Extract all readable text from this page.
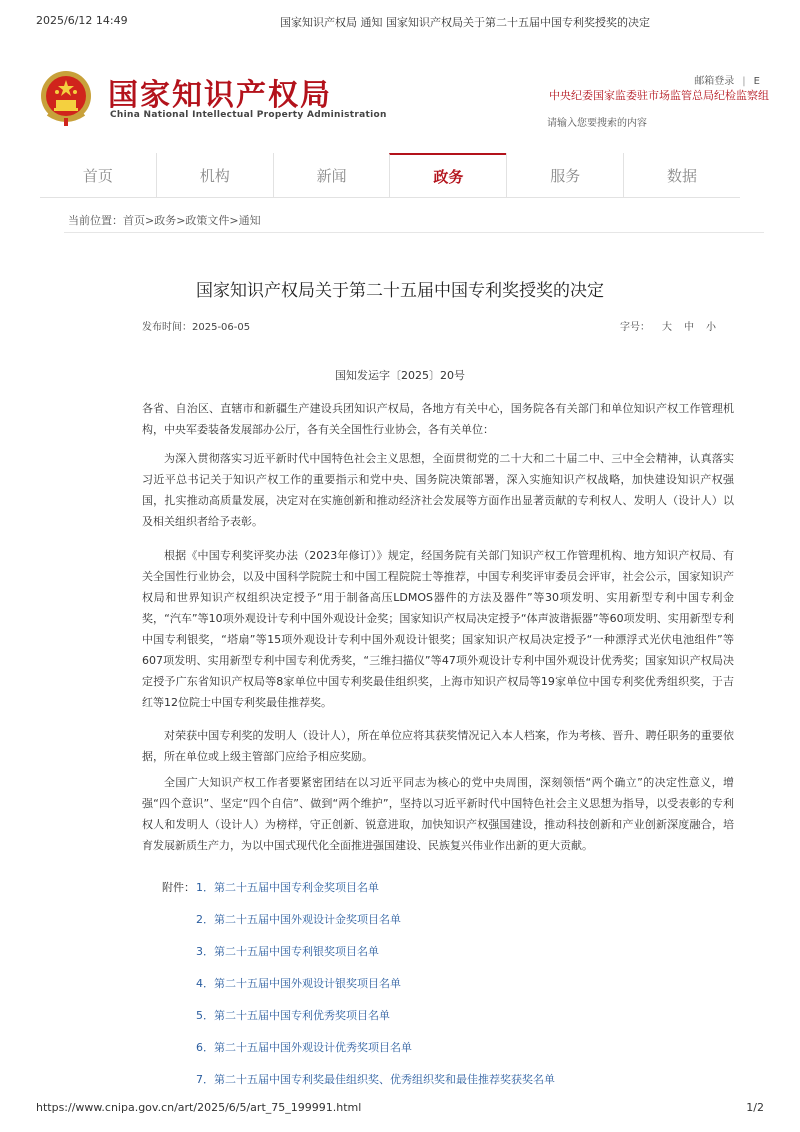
2025/6/12 14:49	国家知识产权局 通知 国家知识产权局关于第二十五届中国专利奖授奖的决定
国家知识产权局
China National Intellectual Property Administration
邮箱登录 | E
中央纪委国家监委驻市场监管总局纪检监察组
请输入您要搜索的内容
首页	机构	新闻	政务	服务	数据
当前位置：首页>政务>政策文件>通知
国家知识产权局关于第二十五届中国专利奖授奖的决定
发布时间：2025-06-05	字号： 大 中 小
国知发运字〔2025〕20号

各省、自治区、直辖市和新疆生产建设兵团知识产权局，各地方有关中心，国务院各有关部门和单位知识产权工作管理机构，中央军委装备发展部办公厅，各有关全国性行业协会，各有关单位：

为深入贯彻落实习近平新时代中国特色社会主义思想，全面贯彻党的二十大和二十届二中、三中全会精神，认真落实习近平总书记关于知识产权工作的重要指示和党中央、国务院决策部署，深入实施知识产权战略，加快建设知识产权强国，扎实推动高质量发展，决定对在实施创新和推动经济社会发展等方面作出显著贡献的专利权人、发明人（设计人）以及相关组织者给予表彰。

根据《中国专利奖评奖办法（2023年修订）》规定，经国务院有关部门知识产权工作管理机构、地方知识产权局、有关全国性行业协会，以及中国科学院院士和中国工程院院士等推荐，中国专利奖评审委员会评审，社会公示，国家知识产权局和世界知识产权组织决定授予“用于制备高压LDMOS器件的方法及器件”等30项发明、实用新型专利中国专利金奖，“汽车”等10项外观设计专利中国外观设计金奖；国家知识产权局决定授予“体声波谐振器”等60项发明、实用新型专利中国专利银奖，“塔扇”等15项外观设计专利中国外观设计银奖；国家知识产权局决定授予“一种漂浮式光伏电池组件”等607项发明、实用新型专利中国专利优秀奖，“三维扫描仪”等47项外观设计专利中国外观设计优秀奖；国家知识产权局决定授予广东省知识产权局等8家单位中国专利奖最佳组织奖，上海市知识产权局等19家单位中国专利奖优秀组织奖，于吉红等12位院士中国专利奖最佳推荐奖。

对荣获中国专利奖的发明人（设计人），所在单位应将其获奖情况记入本人档案，作为考核、晋升、聘任职务的重要依据，所在单位或上级主管部门应给予相应奖励。

全国广大知识产权工作者要紧密团结在以习近平同志为核心的党中央周围，深刻领悟“两个确立”的决定性意义，增强“四个意识”、坚定“四个自信”、做到“两个维护”，坚持以习近平新时代中国特色社会主义思想为指导，以受表彰的专利权人和发明人（设计人）为榜样，守正创新、锐意进取，加快知识产权强国建设，推动科技创新和产业创新深度融合，培育发展新质生产力，为以中国式现代化全面推进强国建设、民族复兴伟业作出新的更大贡献。

附件： 1．第二十五届中国专利金奖项目名单
2．第二十五届中国外观设计金奖项目名单
3．第二十五届中国专利银奖项目名单
4．第二十五届中国外观设计银奖项目名单
5．第二十五届中国专利优秀奖项目名单
6．第二十五届中国外观设计优秀奖项目名单
7．第二十五届中国专利奖最佳组织奖、优秀组织奖和最佳推荐奖获奖名单
https://www.cnipa.gov.cn/art/2025/6/5/art_75_199991.html	1/2
